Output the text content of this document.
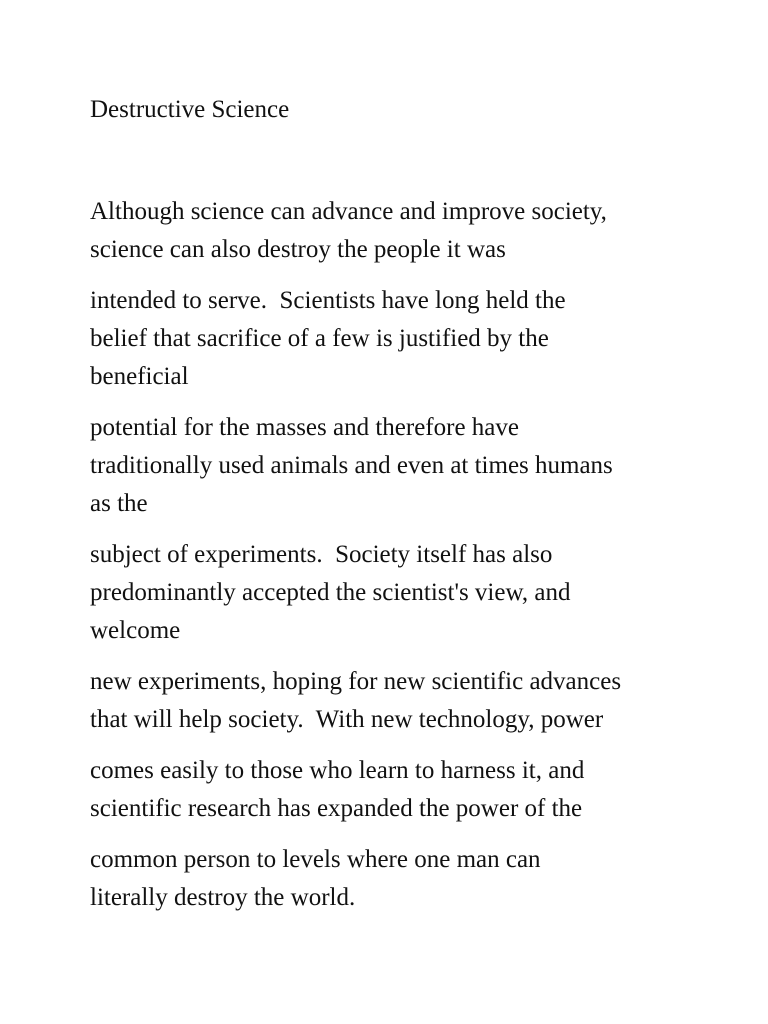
Destructive Science

Although science can advance and improve society,
science can also destroy the people it was

intended to serve.  Scientists have long held the
belief that sacrifice of a few is justified by the
beneficial

potential for the masses and therefore have
traditionally used animals and even at times humans
as the

subject of experiments.  Society itself has also
predominantly accepted the scientist's view, and
welcome

new experiments, hoping for new scientific advances
that will help society.  With new technology, power

comes easily to those who learn to harness it, and
scientific research has expanded the power of the

common person to levels where one man can
literally destroy the world.
